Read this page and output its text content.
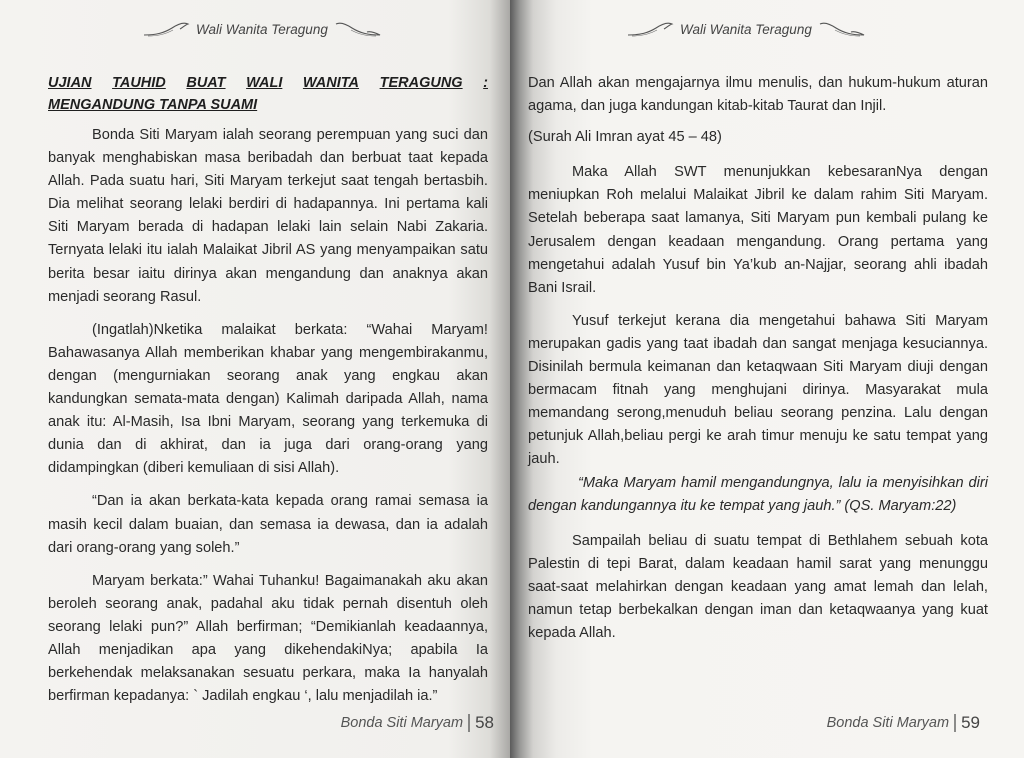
Wali Wanita Teragung
UJIAN TAUHID BUAT WALI WANITA TERAGUNG :
MENGANDUNG TANPA SUAMI

Bonda Siti Maryam ialah seorang perempuan yang suci dan banyak menghabiskan masa beribadah dan berbuat taat kepada Allah. Pada suatu hari, Siti Maryam terkejut saat tengah bertasbih. Dia melihat seorang lelaki berdiri di hadapannya. Ini pertama kali Siti Maryam berada di hadapan lelaki lain selain Nabi Zakaria. Ternyata lelaki itu ialah Malaikat Jibril AS yang menyampaikan satu berita besar iaitu dirinya akan mengandung dan anaknya akan menjadi seorang Rasul.

(Ingatlah)Nketika malaikat berkata: “Wahai Maryam! Bahawasanya Allah memberikan khabar yang mengembirakanmu, dengan (mengurniakan seorang anak yang engkau akan kandungkan semata-mata dengan) Kalimah daripada Allah, nama anak itu: Al-Masih, Isa Ibni Maryam, seorang yang terkemuka di dunia dan di akhirat, dan ia juga dari orang-orang yang didampingkan (diberi kemuliaan di sisi Allah).

“Dan ia akan berkata-kata kepada orang ramai semasa ia masih kecil dalam buaian, dan semasa ia dewasa, dan ia adalah dari orang-orang yang soleh.”

Maryam berkata:” Wahai Tuhanku! Bagaimanakah aku akan beroleh seorang anak, padahal aku tidak pernah disentuh oleh seorang lelaki pun?” Allah berfirman; “Demikianlah keadaannya, Allah menjadikan apa yang dikehendakiNya; apabila Ia berkehendak melaksanakan sesuatu perkara, maka Ia hanyalah berfirman kepadanya: ` Jadilah engkau ‘, lalu menjadilah ia.”

Bonda Siti Maryam 58
Wali Wanita Teragung

Dan Allah akan mengajarnya ilmu menulis, dan hukum-hukum aturan agama, dan juga kandungan kitab-kitab Taurat dan Injil.

(Surah Ali Imran ayat 45 – 48)

Maka Allah SWT menunjukkan kebesaranNya dengan meniupkan Roh melalui Malaikat Jibril ke dalam rahim Siti Maryam. Setelah beberapa saat lamanya, Siti Maryam pun kembali pulang ke Jerusalem dengan keadaan mengandung. Orang pertama yang mengetahui adalah Yusuf bin Ya’kub an-Najjar, seorang ahli ibadah Bani Israil.

Yusuf terkejut kerana dia mengetahui bahawa Siti Maryam merupakan gadis yang taat ibadah dan sangat menjaga kesuciannya. Disinilah bermula keimanan dan ketaqwaan Siti Maryam diuji dengan bermacam fitnah yang menghujani dirinya. Masyarakat mula memandang serong,menuduh beliau seorang penzina. Lalu dengan petunjuk Allah,beliau pergi ke arah timur menuju ke satu tempat yang jauh.

“Maka Maryam hamil mengandungnya, lalu ia menyisihkan diri dengan kandungannya itu ke tempat yang jauh.” (QS. Maryam:22)

Sampailah beliau di suatu tempat di Bethlahem sebuah kota Palestin di tepi Barat, dalam keadaan hamil sarat yang menunggu saat-saat melahirkan dengan keadaan yang amat lemah dan lelah, namun tetap berbekalkan dengan iman dan ketaqwaanya yang kuat kepada Allah.

Bonda Siti Maryam 59
